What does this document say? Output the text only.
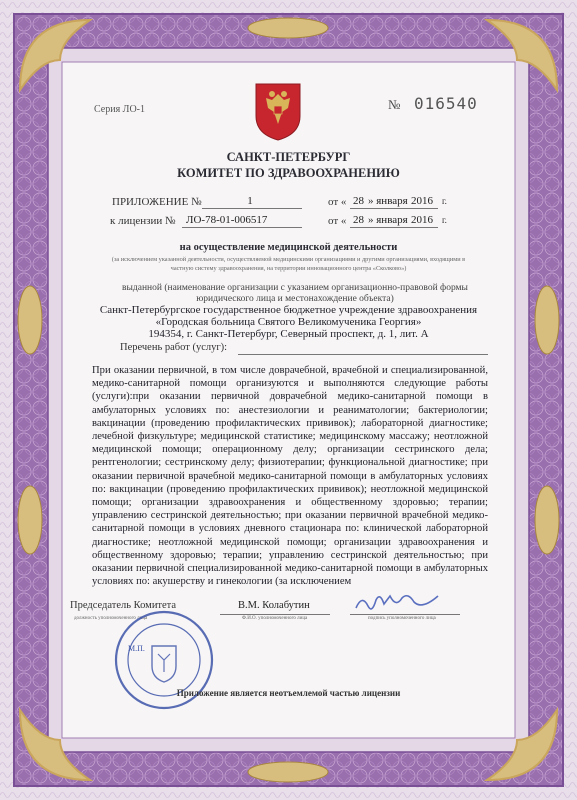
Серия ЛО-1	№ 016540
САНКТ-ПЕТЕРБУРГ
КОМИТЕТ ПО ЗДРАВООХРАНЕНИЮ
ПРИЛОЖЕНИЕ №	1	от « 28 » января 2016 г.
к лицензии № ЛО-78-01-006517	от « 28 » января 2016 г.
на осуществление медицинской деятельности
(за исключением указанной деятельности, осуществляемой медицинскими организациями и другими организациями, входящими в частную систему здравоохранения, на территории инновационного центра «Сколково»)
выданной (наименование организации с указанием организационно-правовой формы юридического лица и местонахождение объекта)
Санкт-Петербургское государственное бюджетное учреждение здравоохранения
«Городская больница Святого Великомученика Георгия»
194354, г. Санкт-Петербург, Северный проспект, д. 1, лит. А
Перечень работ (услуг):
При оказании первичной, в том числе доврачебной, врачебной и специализированной, медико-санитарной помощи организуются и выполняются следующие работы (услуги):при оказании первичной доврачебной медико-санитарной помощи в амбулаторных условиях по: анестезиологии и реаниматологии; бактериологии; вакцинации (проведению профилактических прививок); лабораторной диагностике; лечебной физкультуре; медицинской статистике; медицинскому массажу; неотложной медицинской помощи; операционному делу; организации сестринского дела; рентгенологии; сестринскому делу; физиотерапии; функциональной диагностике; при оказании первичной врачебной медико-санитарной помощи в амбулаторных условиях по: вакцинации (проведению профилактических прививок); неотложной медицинской помощи; организации здравоохранения и общественному здоровью; терапии; управлению сестринской деятельностью; при оказании первичной врачебной медико-санитарной помощи в условиях дневного стационара по: клинической лабораторной диагностике; неотложной медицинской помощи; организации здравоохранения и общественному здоровью; терапии; управлению сестринской деятельностью; при оказании первичной специализированной медико-санитарной помощи в амбулаторных условиях по: акушерству и гинекологии (за исключением
Председатель Комитета
должность уполномоченного лица
В.М. Колабутин
Ф.И.О. уполномоченного лица	подпись уполномоченного лица
М.П.
Приложение является неотъемлемой частью лицензии
